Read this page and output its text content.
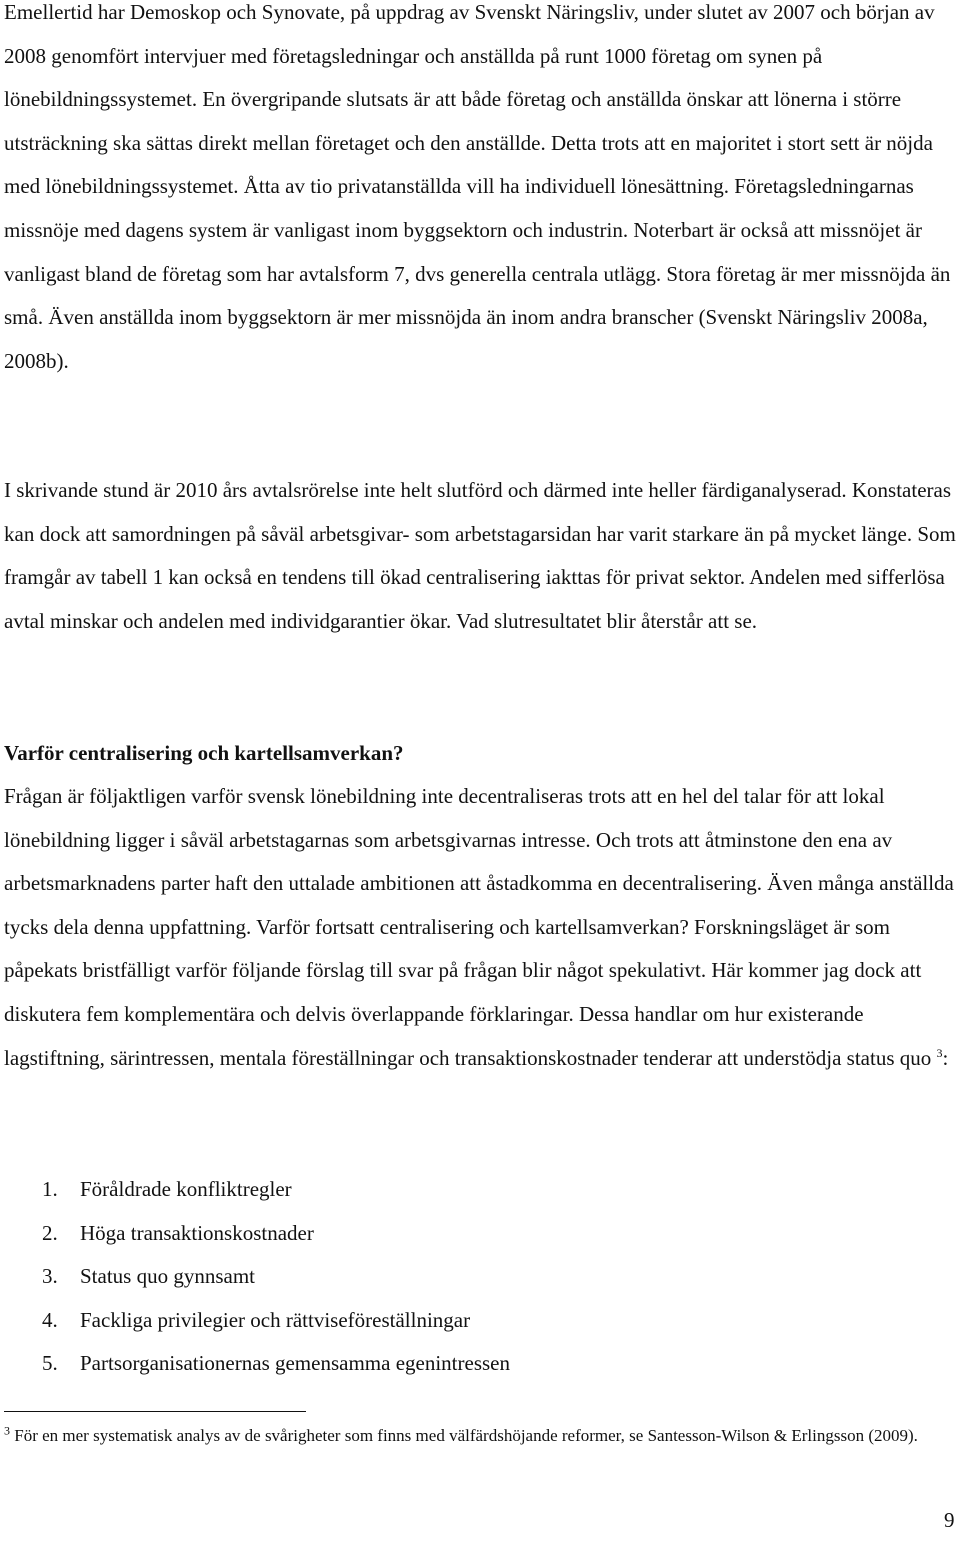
Emellertid har Demoskop och Synovate, på uppdrag av Svenskt Näringsliv, under slutet av 2007 och början av 2008 genomfört intervjuer med företagsledningar och anställda på runt 1000 företag om synen på lönebildningssystemet. En övergripande slutsats är att både företag och anställda önskar att lönerna i större utsträckning ska sättas direkt mellan företaget och den anställde. Detta trots att en majoritet i stort sett är nöjda med lönebildningssystemet. Åtta av tio privatanställda vill ha individuell lönesättning. Företagsledningarnas missnöje med dagens system är vanligast inom byggsektorn och industrin. Noterbart är också att missnöjet är vanligast bland de företag som har avtalsform 7, dvs generella centrala utlägg. Stora företag är mer missnöjda än små. Även anställda inom byggsektorn är mer missnöjda än inom andra branscher (Svenskt Näringsliv 2008a, 2008b).

I skrivande stund är 2010 års avtalsrörelse inte helt slutförd och därmed inte heller färdiganalyserad. Konstateras kan dock att samordningen på såväl arbetsgivar- som arbetstagarsidan har varit starkare än på mycket länge. Som framgår av tabell 1 kan också en tendens till ökad centralisering iakttas för privat sektor. Andelen med sifferlösa avtal minskar och andelen med individgarantier ökar. Vad slutresultatet blir återstår att se.

Varför centralisering och kartellsamverkan?

Frågan är följaktligen varför svensk lönebildning inte decentraliseras trots att en hel del talar för att lokal lönebildning ligger i såväl arbetstagarnas som arbetsgivarnas intresse. Och trots att åtminstone den ena av arbetsmarknadens parter haft den uttalade ambitionen att åstadkomma en decentralisering. Även många anställda tycks dela denna uppfattning. Varför fortsatt centralisering och kartellsamverkan? Forskningsläget är som påpekats bristfälligt varför följande förslag till svar på frågan blir något spekulativt. Här kommer jag dock att diskutera fem komplementära och delvis överlappande förklaringar. Dessa handlar om hur existerande lagstiftning, särintressen, mentala föreställningar och transaktionskostnader tenderar att understödja status quo $^3$:

1. Föråldrade konfliktregler
2. Höga transaktionskostnader
3. Status quo gynnsamt
4. Fackliga privilegier och rättviseföreställningar
5. Partsorganisationernas gemensamma egenintressen

$^3$ För en mer systematisk analys av de svårigheter som finns med välfärdshöjande reformer, se Santesson-Wilson & Erlingsson (2009).

9
